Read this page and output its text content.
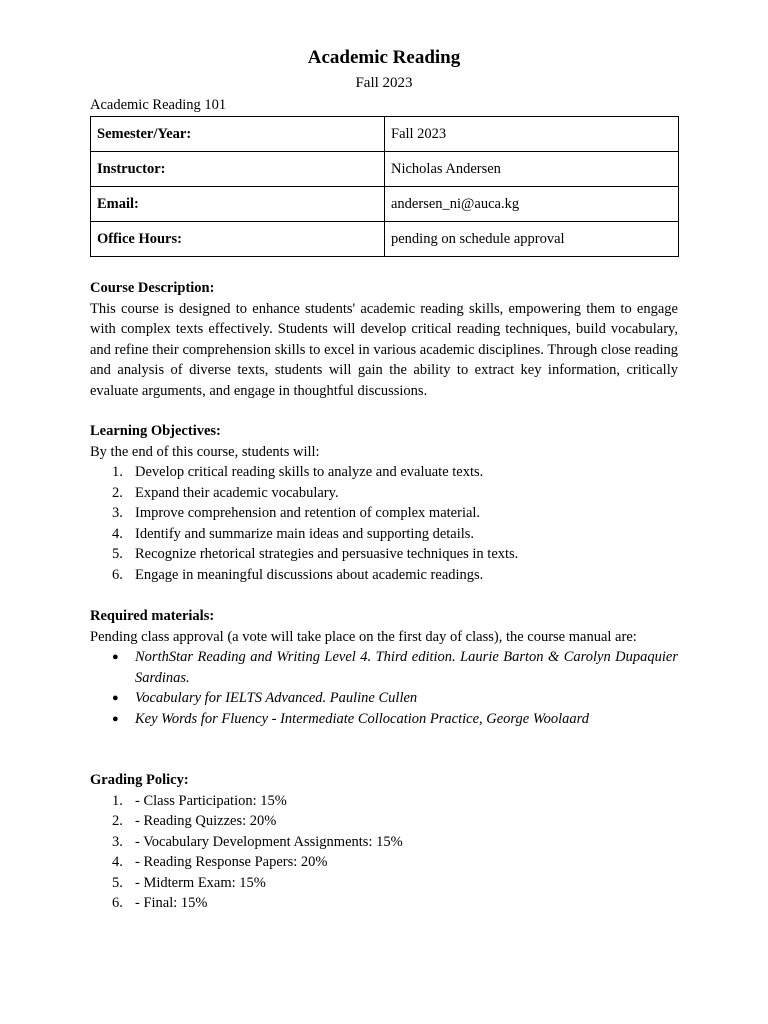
Academic Reading
Fall 2023
Academic Reading 101
Semester/Year:	Fall 2023
Instructor:	Nicholas Andersen
Email:	andersen_ni@auca.kg
Office Hours:	pending on schedule approval
Course Description:
This course is designed to enhance students' academic reading skills, empowering them to engage with complex texts effectively. Students will develop critical reading techniques, build vocabulary, and refine their comprehension skills to excel in various academic disciplines. Through close reading and analysis of diverse texts, students will gain the ability to extract key information, critically evaluate arguments, and engage in thoughtful discussions.
Learning Objectives:
By the end of this course, students will:
1. Develop critical reading skills to analyze and evaluate texts.
2. Expand their academic vocabulary.
3. Improve comprehension and retention of complex material.
4. Identify and summarize main ideas and supporting details.
5. Recognize rhetorical strategies and persuasive techniques in texts.
6. Engage in meaningful discussions about academic readings.
Required materials:
Pending class approval (a vote will take place on the first day of class), the course manual are:
● NorthStar Reading and Writing Level 4. Third edition. Laurie Barton & Carolyn Dupaquier Sardinas.
● Vocabulary for IELTS Advanced. Pauline Cullen
● Key Words for Fluency - Intermediate Collocation Practice, George Woolaard
Grading Policy:
1. - Class Participation: 15%
2. - Reading Quizzes: 20%
3. - Vocabulary Development Assignments: 15%
4. - Reading Response Papers: 20%
5. - Midterm Exam: 15%
6. - Final: 15%
